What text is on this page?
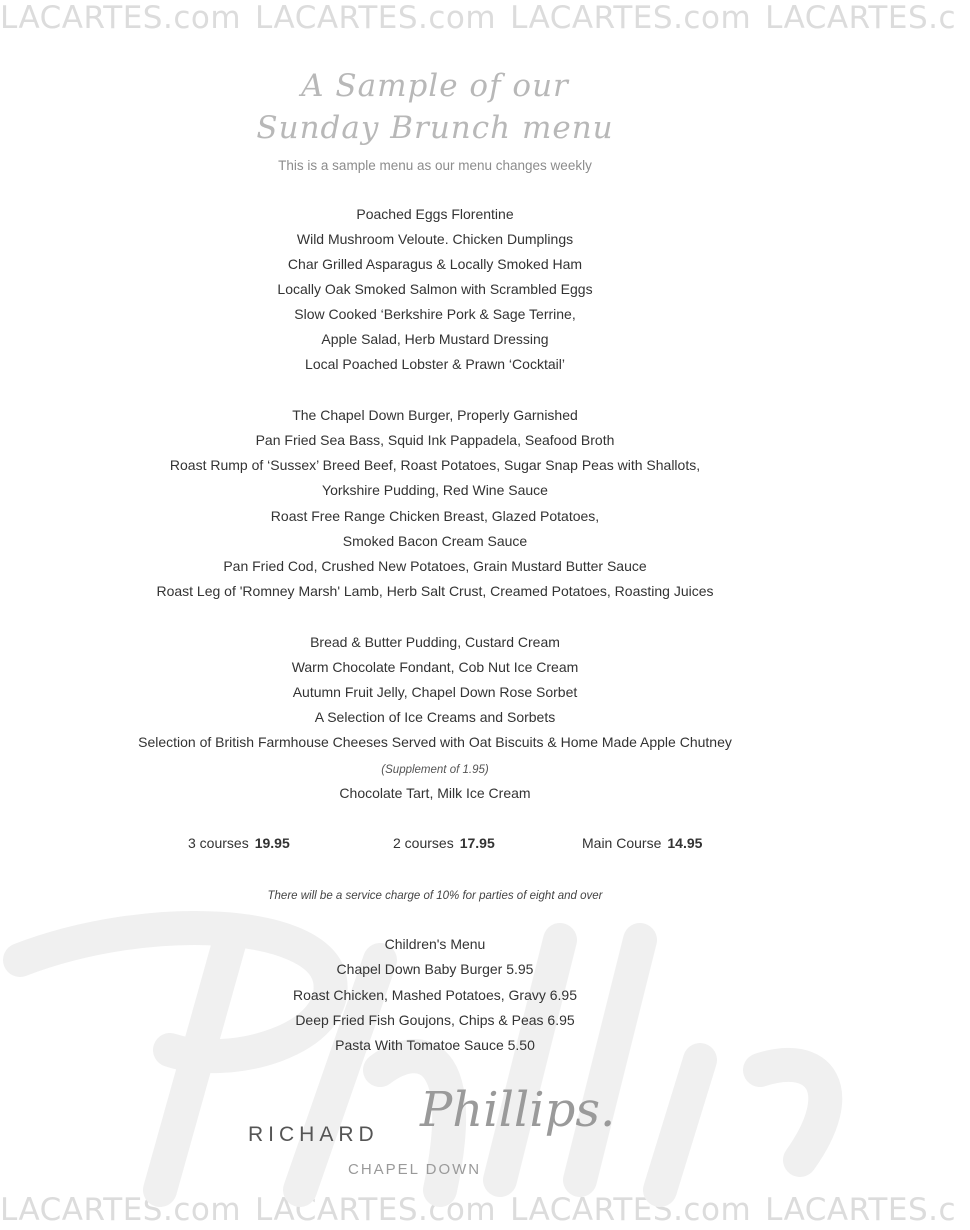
LACARTES.com LACARTES.com LACARTES.com LACARTES.c
LACARTES.com LACARTES.com LACARTES.com LACARTES.c
A Sample of our
Sunday Brunch menu
This is a sample menu as our menu changes weekly
Poached Eggs Florentine
Wild Mushroom Veloute. Chicken Dumplings
Char Grilled Asparagus & Locally Smoked Ham
Locally Oak Smoked Salmon with Scrambled Eggs
Slow Cooked ‘Berkshire Pork & Sage Terrine,
Apple Salad, Herb Mustard Dressing
Local Poached Lobster & Prawn ‘Cocktail’
The Chapel Down Burger, Properly Garnished
Pan Fried Sea Bass, Squid Ink Pappadela, Seafood Broth
Roast Rump of ‘Sussex’ Breed Beef, Roast Potatoes, Sugar Snap Peas with Shallots,
Yorkshire Pudding, Red Wine Sauce
Roast Free Range Chicken Breast, Glazed Potatoes,
Smoked Bacon Cream Sauce
Pan Fried Cod, Crushed New Potatoes, Grain Mustard Butter Sauce
Roast Leg of 'Romney Marsh' Lamb, Herb Salt Crust, Creamed Potatoes, Roasting Juices
Bread & Butter Pudding, Custard Cream
Warm Chocolate Fondant, Cob Nut Ice Cream
Autumn Fruit Jelly, Chapel Down Rose Sorbet
A Selection of Ice Creams and Sorbets
Selection of British Farmhouse Cheeses Served with Oat Biscuits & Home Made Apple Chutney
(Supplement of 1.95)
Chocolate Tart, Milk Ice Cream
3 courses 19.95	2 courses 17.95	Main Course 14.95
There will be a service charge of 10% for parties of eight and over
Children's Menu
Chapel Down Baby Burger 5.95
Roast Chicken, Mashed Potatoes, Gravy 6.95
Deep Fried Fish Goujons, Chips & Peas 6.95
Pasta With Tomatoe Sauce 5.50
RICHARD Phillips.
CHAPEL DOWN
